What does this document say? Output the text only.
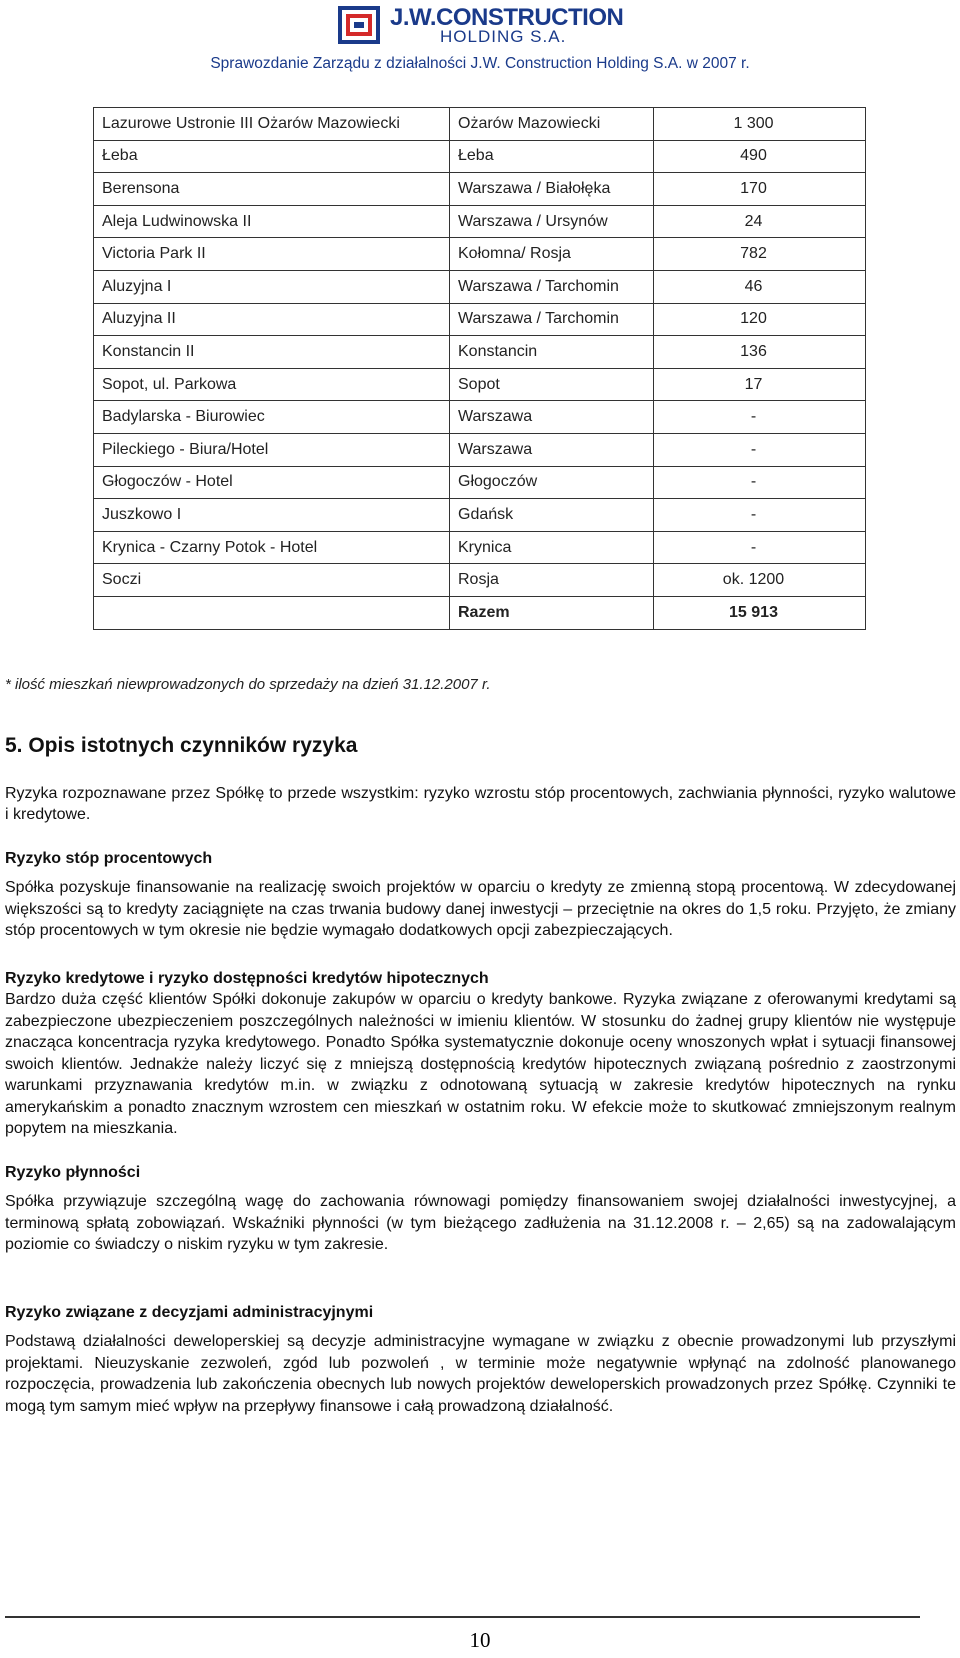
J.W.CONSTRUCTION
HOLDING S.A.
Sprawozdanie Zarządu z działalności J.W. Construction Holding S.A. w 2007 r.
Lazurowe Ustronie III Ożarów Mazowiecki	Ożarów Mazowiecki	1 300
Łeba	Łeba	490
Berensona	Warszawa / Białołęka	170
Aleja Ludwinowska II	Warszawa / Ursynów	24
Victoria Park II	Kołomna/ Rosja	782
Aluzyjna I	Warszawa / Tarchomin	46
Aluzyjna II	Warszawa / Tarchomin	120
Konstancin II	Konstancin	136
Sopot, ul. Parkowa	Sopot	17
Badylarska - Biurowiec	Warszawa	-
Pileckiego - Biura/Hotel	Warszawa	-
Głogoczów - Hotel	Głogoczów	-
Juszkowo I	Gdańsk	-
Krynica - Czarny Potok - Hotel	Krynica	-
Soczi	Rosja	ok. 1200
	Razem	15 913
* ilość mieszkań niewprowadzonych do sprzedaży na dzień 31.12.2007 r.
5. Opis istotnych czynników ryzyka

Ryzyka rozpoznawane przez Spółkę to przede wszystkim: ryzyko wzrostu stóp procentowych, zachwiania płynności, ryzyko walutowe i kredytowe.

Ryzyko stóp procentowych

Spółka pozyskuje finansowanie na realizację swoich projektów w oparciu o kredyty ze zmienną stopą procentową. W zdecydowanej większości są to kredyty zaciągnięte na czas trwania budowy danej inwestycji – przeciętnie na okres do 1,5 roku. Przyjęto, że zmiany stóp procentowych w tym okresie nie będzie wymagało dodatkowych opcji zabezpieczających.

Ryzyko kredytowe i ryzyko dostępności kredytów hipotecznych

Bardzo duża część klientów Spółki dokonuje zakupów w oparciu o kredyty bankowe. Ryzyka związane z oferowanymi kredytami są zabezpieczone ubezpieczeniem poszczególnych należności w imieniu klientów. W stosunku do żadnej grupy klientów nie występuje znacząca koncentracja ryzyka kredytowego. Ponadto Spółka systematycznie dokonuje oceny wnoszonych wpłat i sytuacji finansowej swoich klientów. Jednakże należy liczyć się z mniejszą dostępnością kredytów hipotecznych związaną pośrednio z zaostrzonymi warunkami przyznawania kredytów m.in. w związku z odnotowaną sytuacją w zakresie kredytów hipotecznych na rynku amerykańskim a ponadto znacznym wzrostem cen mieszkań w ostatnim roku. W efekcie może to skutkować zmniejszonym realnym popytem na mieszkania.

Ryzyko płynności

Spółka przywiązuje szczególną wagę do zachowania równowagi pomiędzy finansowaniem swojej działalności inwestycyjnej, a terminową spłatą zobowiązań. Wskaźniki płynności (w tym bieżącego zadłużenia na 31.12.2008 r. – 2,65) są na zadowalającym poziomie co świadczy o niskim ryzyku w tym zakresie.

Ryzyko związane z decyzjami administracyjnymi

Podstawą działalności deweloperskiej są decyzje administracyjne wymagane w związku z obecnie prowadzonymi lub przyszłymi projektami. Nieuzyskanie zezwoleń, zgód lub pozwoleń , w terminie może negatywnie wpłynąć na zdolność planowanego rozpoczęcia, prowadzenia lub zakończenia obecnych lub nowych projektów deweloperskich prowadzonych przez Spółkę. Czynniki te mogą tym samym mieć wpływ na przepływy finansowe i całą prowadzoną działalność.

10
